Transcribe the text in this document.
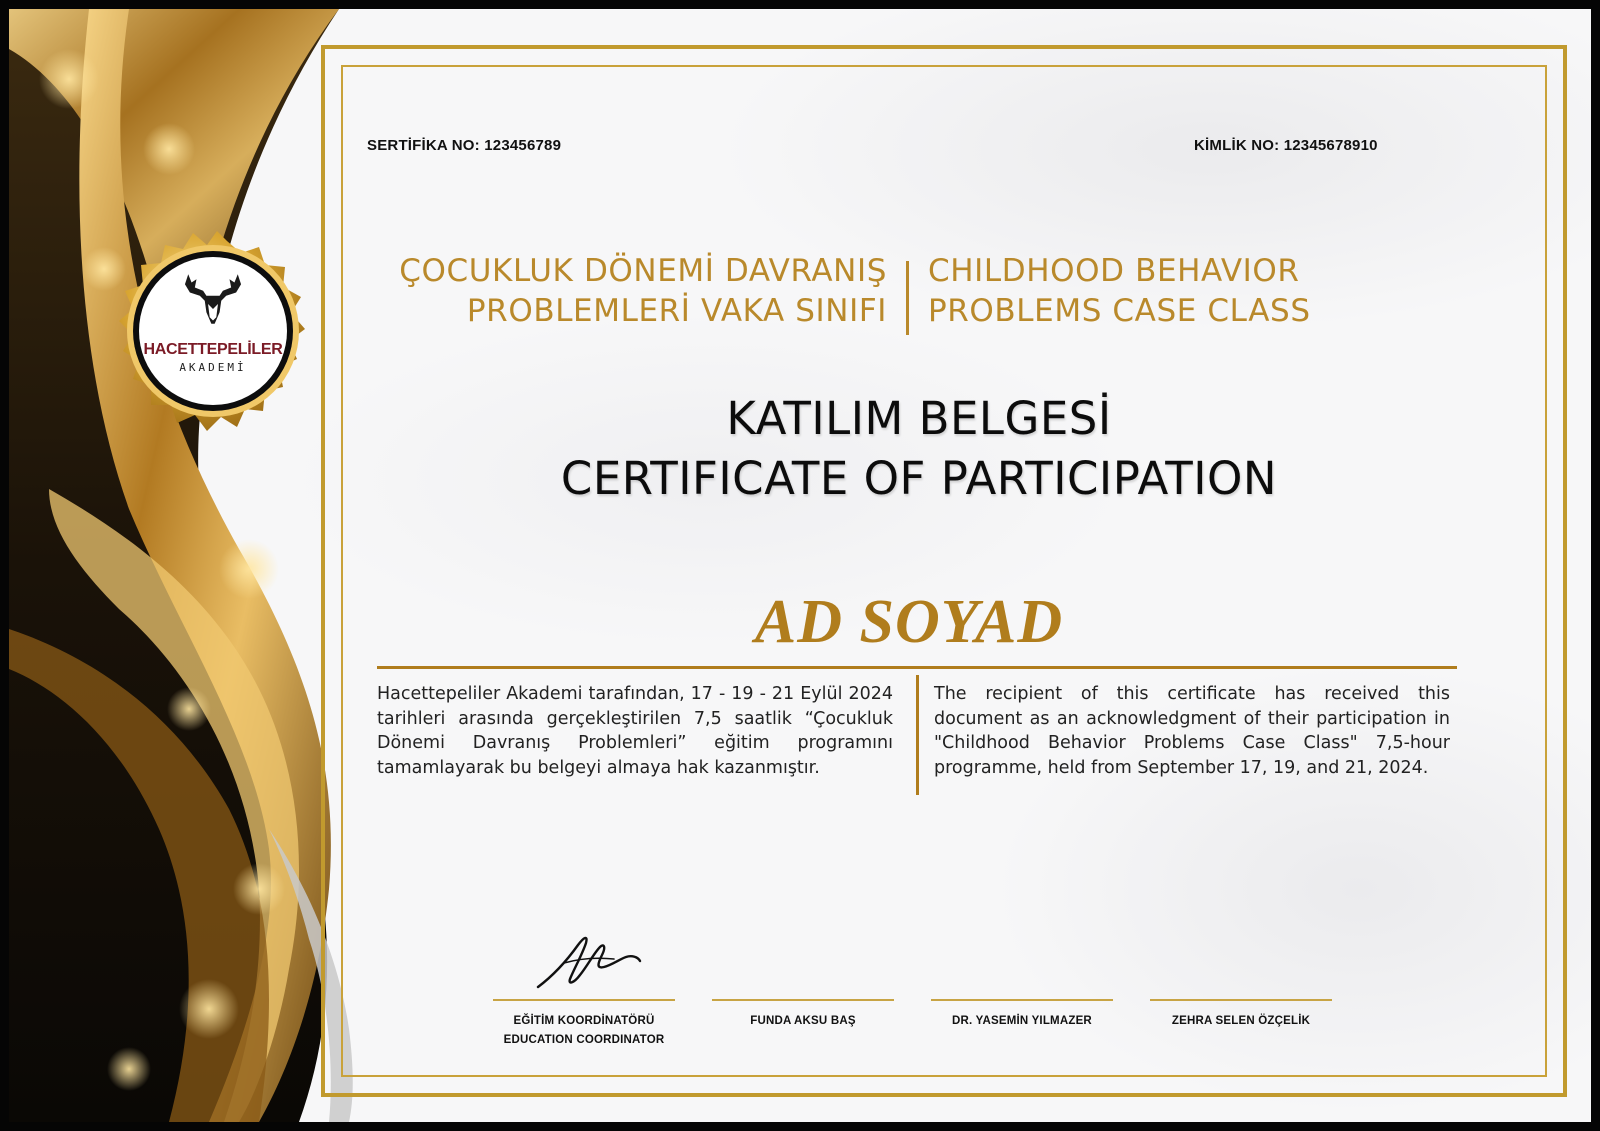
HACETTEPELİLER
AKADEMİ
SERTİFİKA NO: 123456789	KİMLİK NO: 12345678910
ÇOCUKLUK DÖNEMİ DAVRANIŞ
PROBLEMLERİ VAKA SINIFI
CHILDHOOD BEHAVIOR
PROBLEMS CASE CLASS
KATILIM BELGESİ
CERTIFICATE OF PARTICIPATION
AD SOYAD
Hacettepeliler Akademi tarafından, 17 - 19 - 21 Eylül 2024 tarihleri arasında gerçekleştirilen 7,5 saatlik “Çocukluk Dönemi Davranış Problemleri” eğitim programını tamamlayarak bu belgeyi almaya hak kazanmıştır.
The recipient of this certificate has received this document as an acknowledgment of their participation in "Childhood Behavior Problems Case Class" 7,5-hour programme, held from September 17, 19, and 21, 2024.
EĞİTİM KOORDİNATÖRÜ
EDUCATION COORDINATOR
FUNDA AKSU BAŞ	DR. YASEMİN YILMAZER	ZEHRA SELEN ÖZÇELİK
